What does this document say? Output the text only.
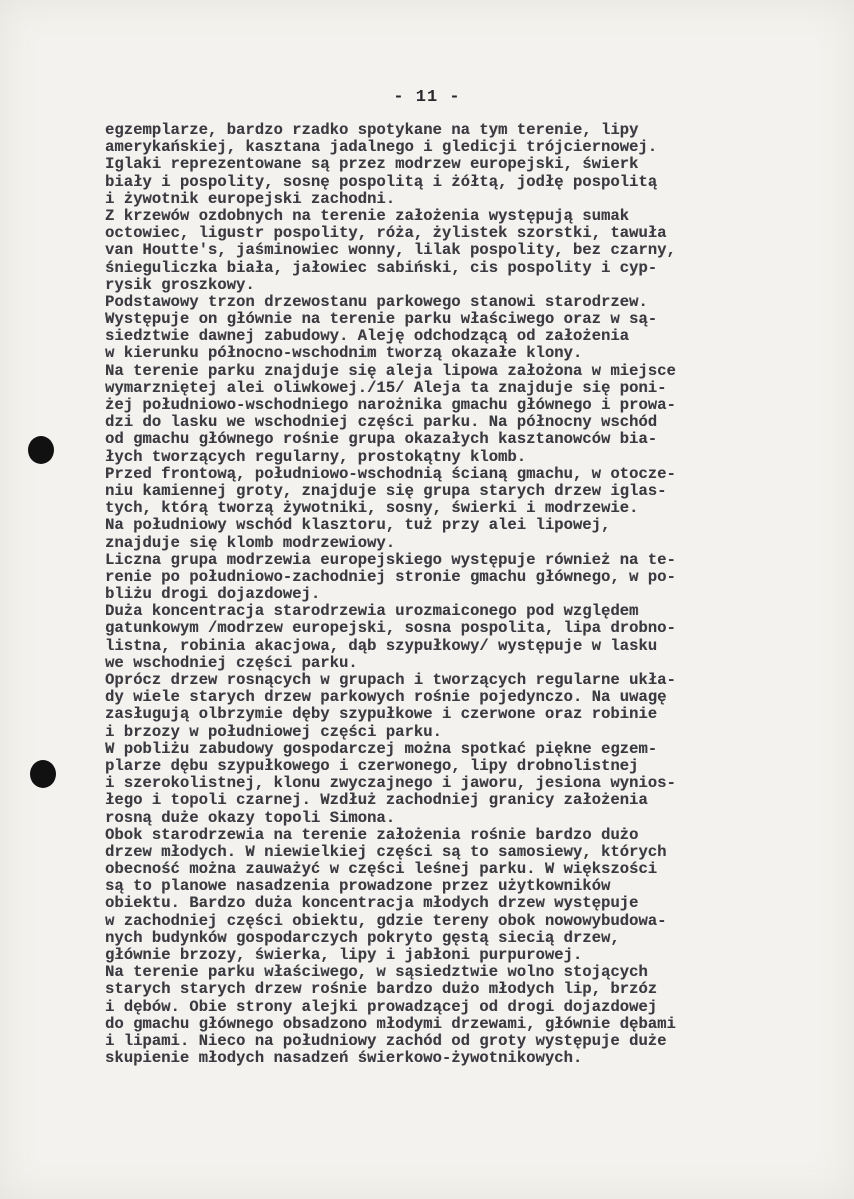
- 11 -
egzemplarze, bardzo rzadko spotykane na tym terenie, lipy
amerykańskiej, kasztana jadalnego i gledicji trójciernowej.
Iglaki reprezentowane są przez modrzew europejski, świerk
biały i pospolity, sosnę pospolitą i żółtą, jodłę pospolitą
i żywotnik europejski zachodni.
Z krzewów ozdobnych na terenie założenia występują sumak
octowiec, ligustr pospolity, róża, żylistek szorstki, tawuła
van Houtte's, jaśminowiec wonny, lilak pospolity, bez czarny,
śnieguliczka biała, jałowiec sabiński, cis pospolity i cyp-
rysik groszkowy.
Podstawowy trzon drzewostanu parkowego stanowi starodrzew.
Występuje on głównie na terenie parku właściwego oraz w są-
siedztwie dawnej zabudowy. Aleję odchodzącą od założenia
w kierunku północno-wschodnim tworzą okazałe klony.
Na terenie parku znajduje się aleja lipowa założona w miejsce
wymarzniętej alei oliwkowej./15/ Aleja ta znajduje się poni-
żej południowo-wschodniego narożnika gmachu głównego i prowa-
dzi do lasku we wschodniej części parku. Na północny wschód
od gmachu głównego rośnie grupa okazałych kasztanowców bia-
łych tworzących regularny, prostokątny klomb.
Przed frontową, południowo-wschodnią ścianą gmachu, w otocze-
niu kamiennej groty, znajduje się grupa starych drzew iglas-
tych, którą tworzą żywotniki, sosny, świerki i modrzewie.
Na południowy wschód klasztoru, tuż przy alei lipowej,
znajduje się klomb modrzewiowy.
Liczna grupa modrzewia europejskiego występuje również na te-
renie po południowo-zachodniej stronie gmachu głównego, w po-
bliżu drogi dojazdowej.
Duża koncentracja starodrzewia urozmaiconego pod względem
gatunkowym /modrzew europejski, sosna pospolita, lipa drobno-
listna, robinia akacjowa, dąb szypułkowy/ występuje w lasku
we wschodniej części parku.
Oprócz drzew rosnących w grupach i tworzących regularne ukła-
dy wiele starych drzew parkowych rośnie pojedynczo. Na uwagę
zasługują olbrzymie dęby szypułkowe i czerwone oraz robinie
i brzozy w południowej części parku.
W pobliżu zabudowy gospodarczej można spotkać piękne egzem-
plarze dębu szypułkowego i czerwonego, lipy drobnolistnej
i szerokolistnej, klonu zwyczajnego i jaworu, jesiona wynios-
łego i topoli czarnej. Wzdłuż zachodniej granicy założenia
rosną duże okazy topoli Simona.
Obok starodrzewia na terenie założenia rośnie bardzo dużo
drzew młodych. W niewielkiej części są to samosiewy, których
obecność można zauważyć w części leśnej parku. W większości
są to planowe nasadzenia prowadzone przez użytkowników
obiektu. Bardzo duża koncentracja młodych drzew występuje
w zachodniej części obiektu, gdzie tereny obok nowowybudowa-
nych budynków gospodarczych pokryto gęstą siecią drzew,
głównie brzozy, świerka, lipy i jabłoni purpurowej.
Na terenie parku właściwego, w sąsiedztwie wolno stojących
starych starych drzew rośnie bardzo dużo młodych lip, brzóz
i dębów. Obie strony alejki prowadzącej od drogi dojazdowej
do gmachu głównego obsadzono młodymi drzewami, głównie dębami
i lipami. Nieco na południowy zachód od groty występuje duże
skupienie młodych nasadzeń świerkowo-żywotnikowych.
